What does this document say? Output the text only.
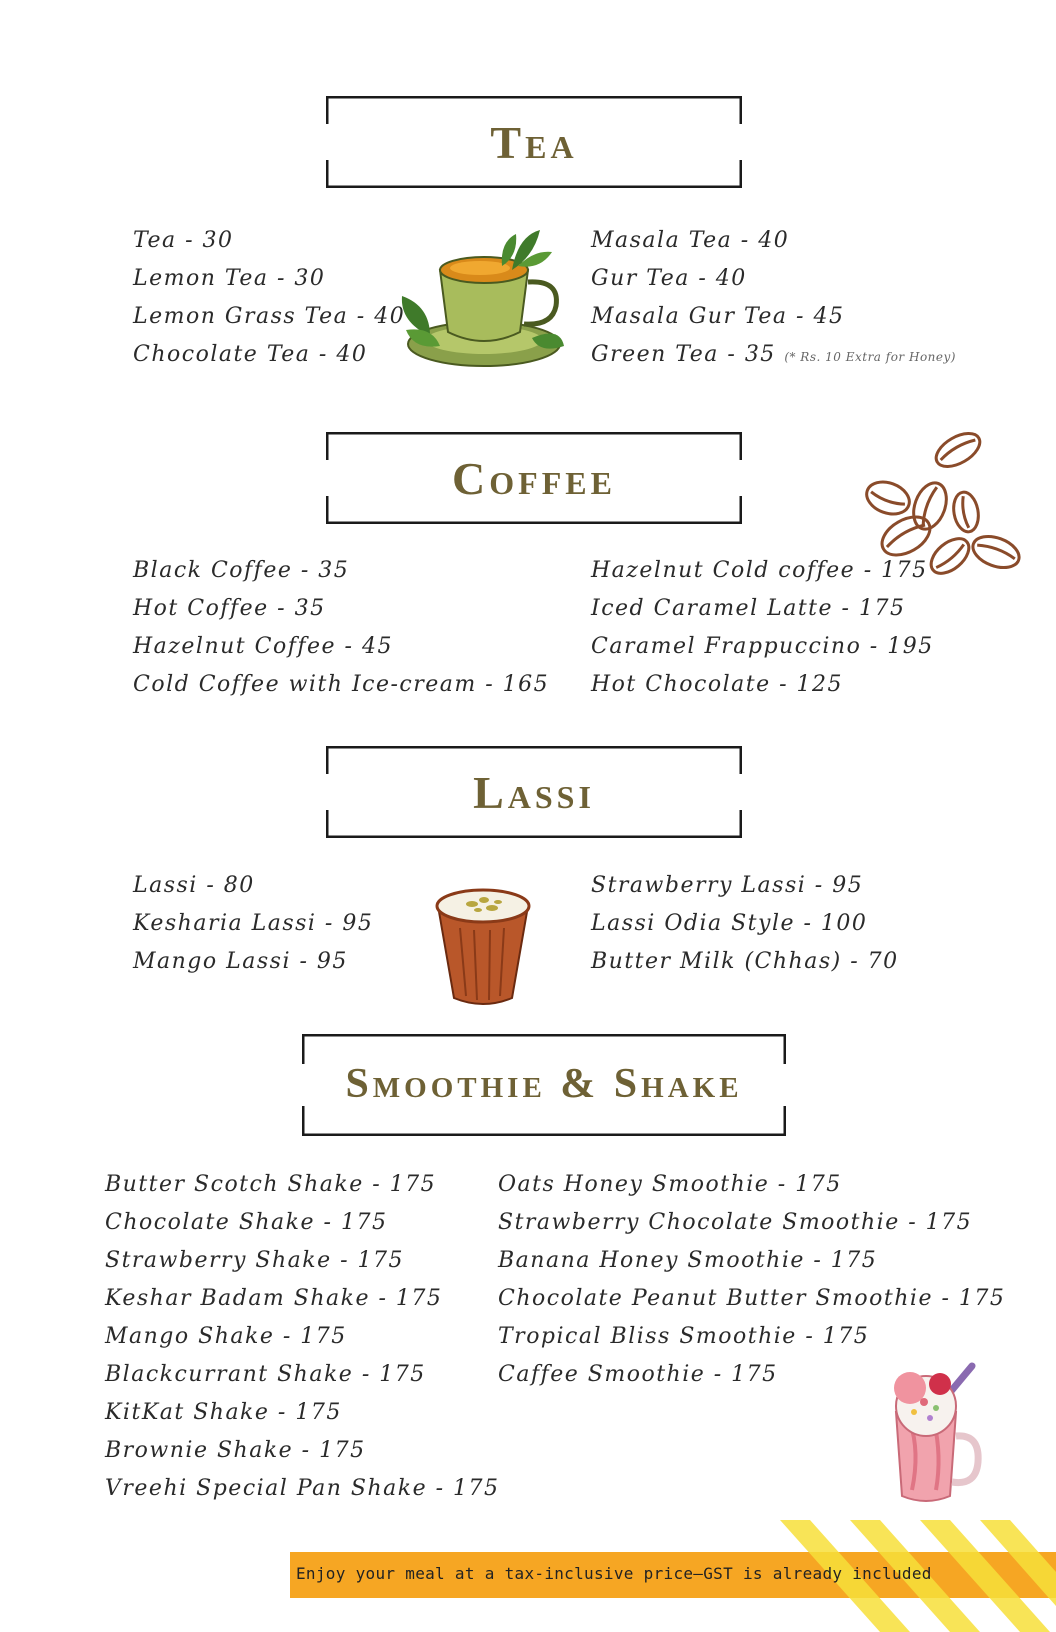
Tea
Tea - 30
Lemon Tea - 30
Lemon Grass Tea - 40
Chocolate Tea - 40
Masala Tea - 40
Gur Tea - 40
Masala Gur Tea - 45
Green Tea - 35 (* Rs. 10 Extra for Honey)
Coffee
Black Coffee - 35
Hot Coffee - 35
Hazelnut Coffee - 45
Cold Coffee with Ice-cream - 165
Hazelnut Cold coffee - 175
Iced Caramel Latte - 175
Caramel Frappuccino - 195
Hot Chocolate - 125
Lassi
Lassi - 80
Kesharia Lassi - 95
Mango Lassi - 95
Strawberry Lassi - 95
Lassi Odia Style - 100
Butter Milk (Chhas) - 70
Smoothie & Shake
Butter Scotch Shake - 175
Chocolate Shake - 175
Strawberry Shake - 175
Keshar Badam Shake - 175
Mango Shake - 175
Blackcurrant Shake - 175
KitKat Shake - 175
Brownie Shake - 175
Vreehi Special Pan Shake - 175
Oats Honey Smoothie - 175
Strawberry Chocolate Smoothie - 175
Banana Honey Smoothie - 175
Chocolate Peanut Butter Smoothie - 175
Tropical Bliss Smoothie - 175
Caffee Smoothie - 175
Enjoy your meal at a tax-inclusive price—GST is already included
